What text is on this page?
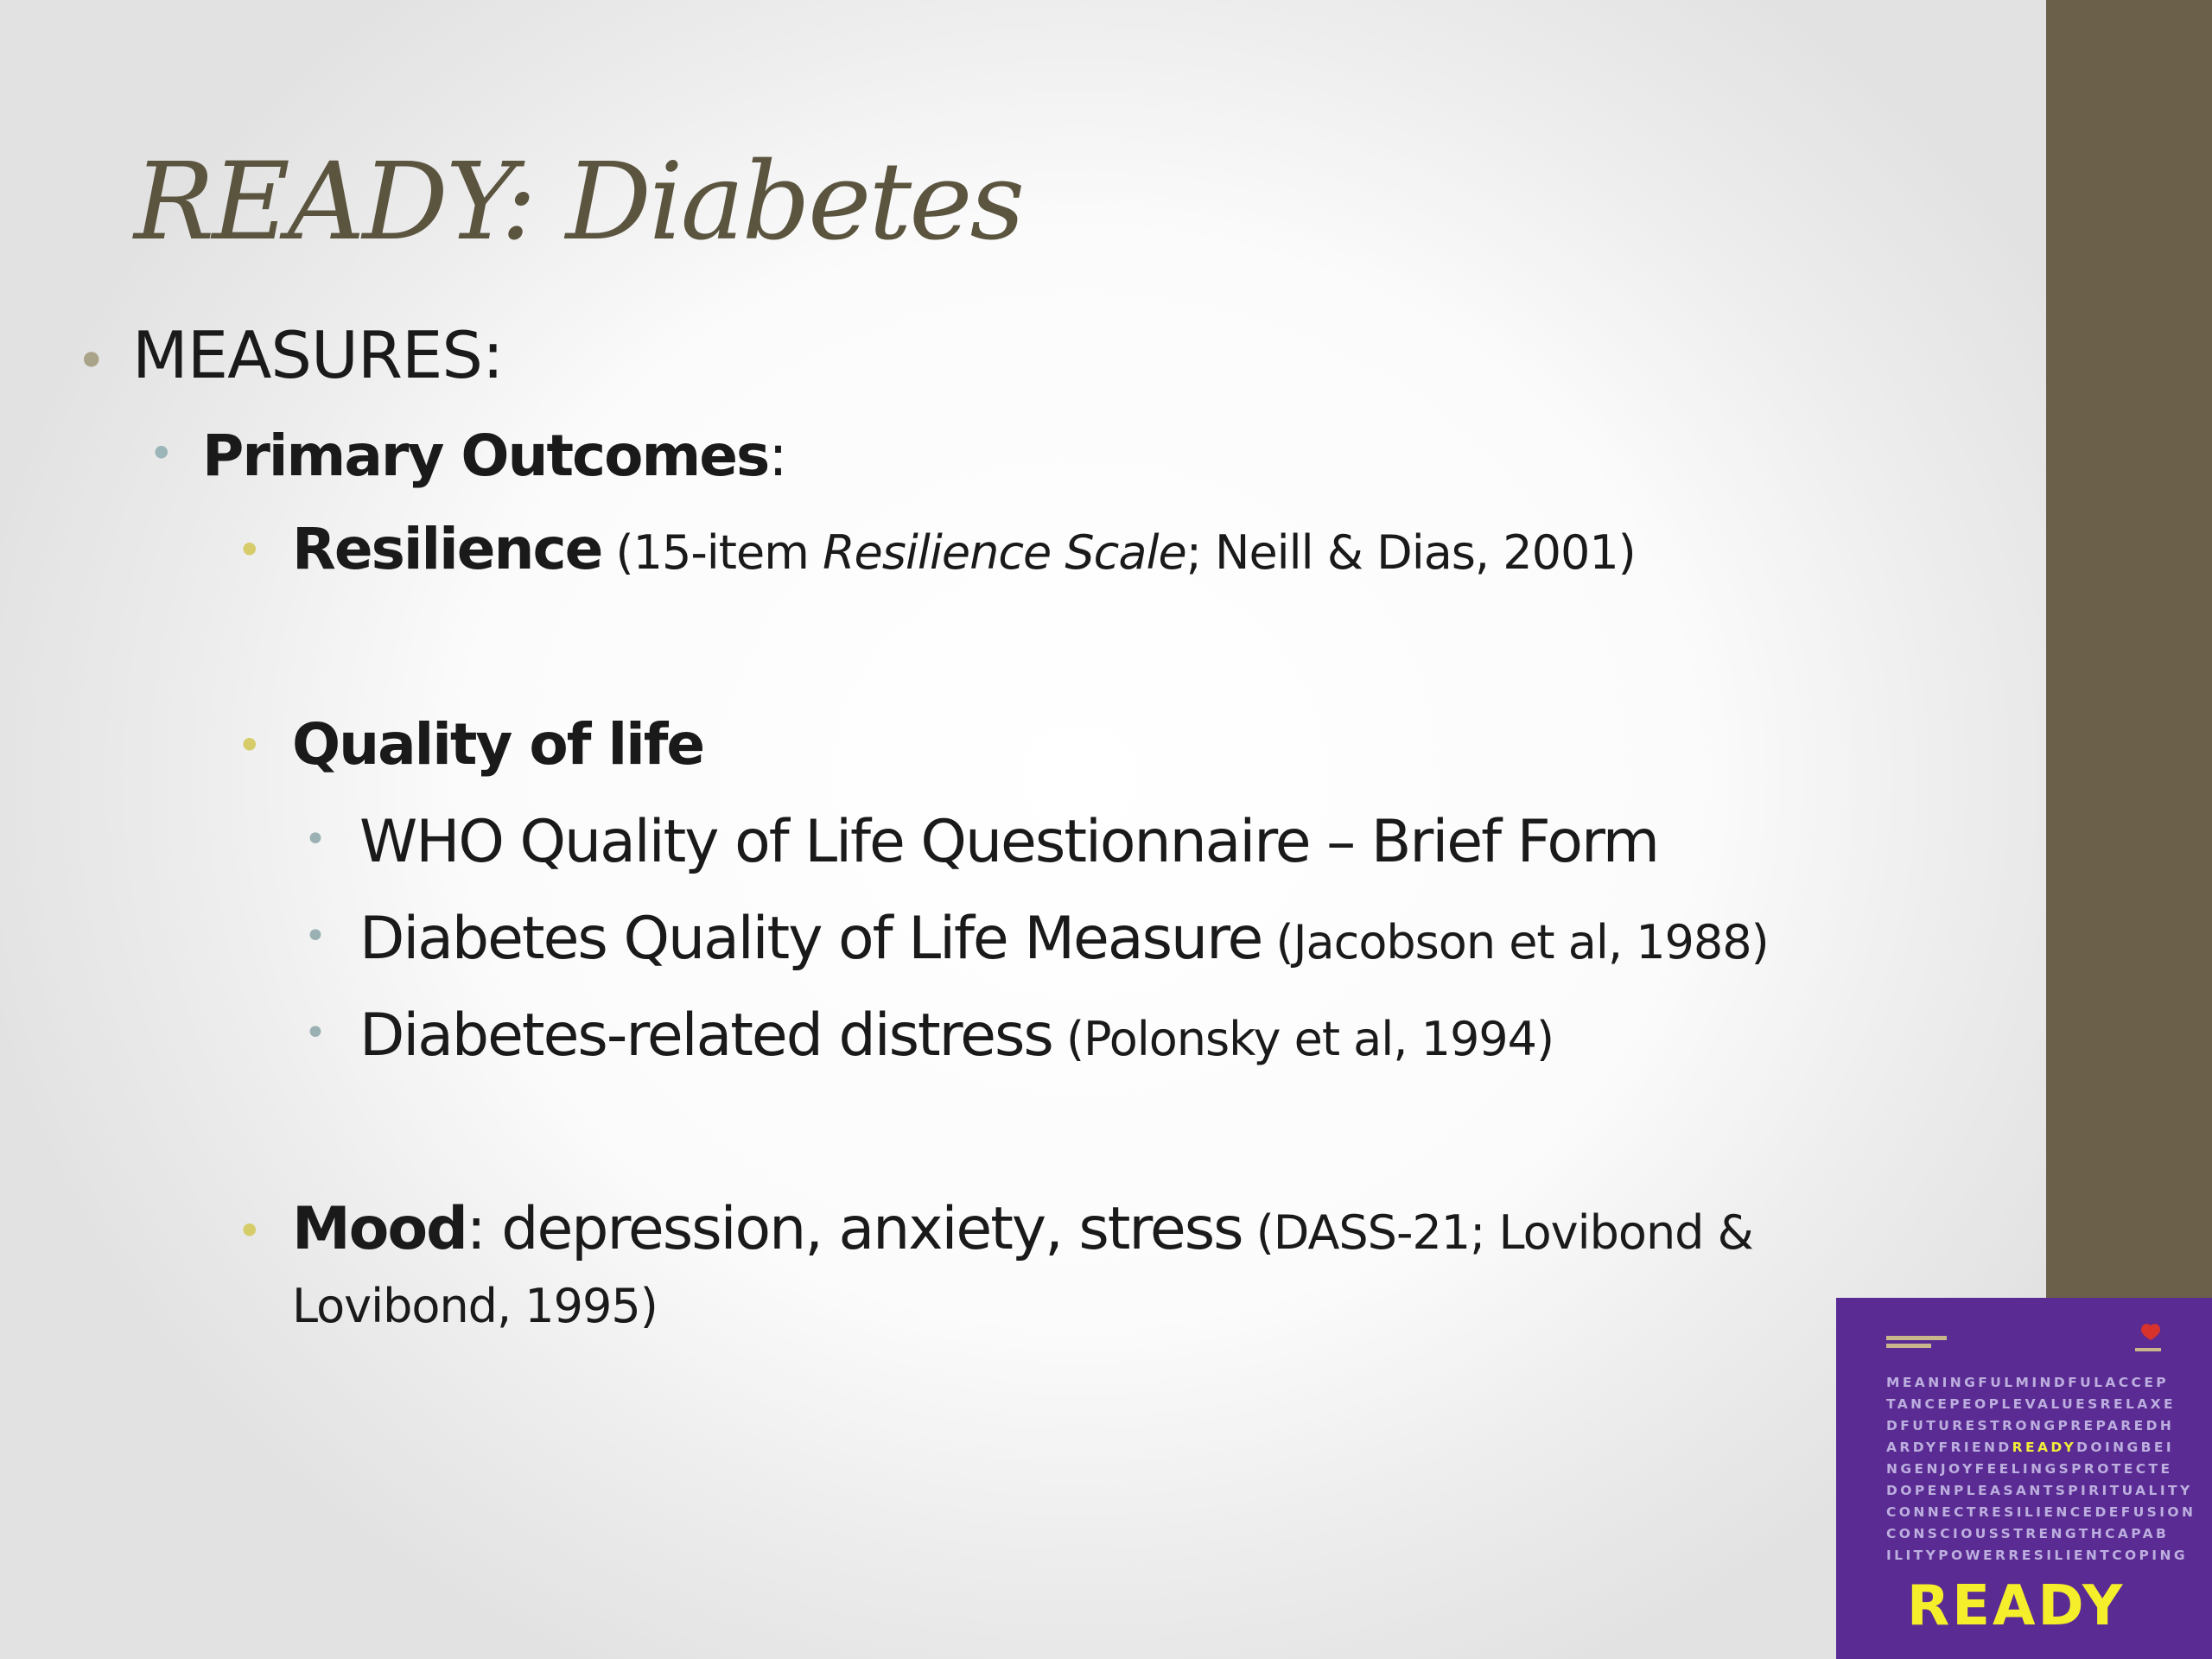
READY: Diabetes
• MEASURES:
• Primary Outcomes:
• Resilience (15-item Resilience Scale; Neill & Dias, 2001)
• Quality of life
• WHO Quality of Life Questionnaire – Brief Form
• Diabetes Quality of Life Measure (Jacobson et al, 1988)
• Diabetes-related distress (Polonsky et al, 1994)
• Mood: depression, anxiety, stress (DASS-21; Lovibond &
Lovibond, 1995)
MEANINGFULMINDFULACCEP
TANCEPEOPLEVALUESRELAXE
DFUTURESTRONGPREPAREDH
ARDYFRIENDREADYDOINGBEI
NGENJOYFEELINGSPROTECTE
DOPENPLEASANTSPIRITUALITY
CONNECTRESILIENCEDEFUSION
CONSCIOUSSTRENGTHCAPAB
ILITYPOWERRESILIENTCOPING
READY
